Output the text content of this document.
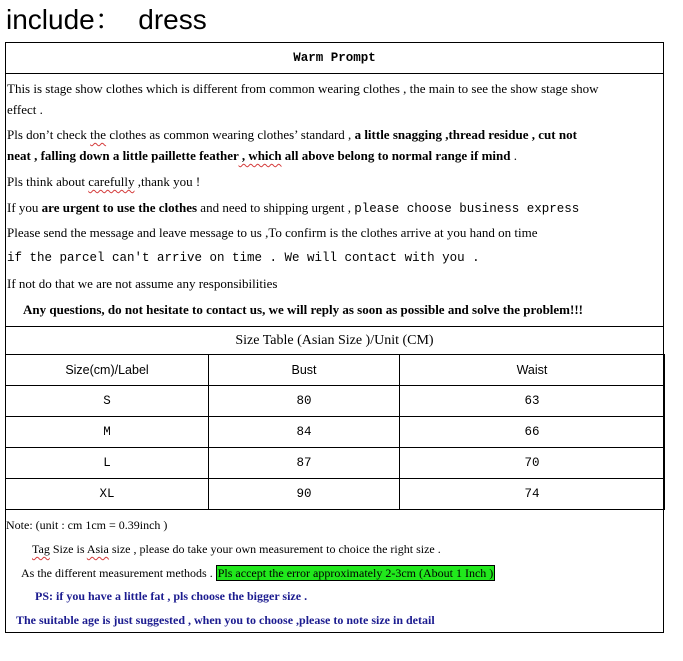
include：  dress
Warm Prompt
This is stage show clothes which is different from common wearing clothes , the main to see the show stage show
effect .
Pls don’t check the clothes as common wearing clothes’ standard , a little snagging ,thread residue , cut not
neat , falling down a little paillette feather , which all above belong to normal range if mind .
Pls think about carefully ,thank you !
If you are urgent to use the clothes and need to shipping urgent , please choose business express
Please send the message and leave message to us ,To confirm is the clothes arrive at you hand on time
if the parcel can't arrive on time . We will contact with you .
If not do that we are not assume any responsibilities
Any questions, do not hesitate to contact us, we will reply as soon as possible and solve the problem!!!
Size Table (Asian Size )/Unit (CM)
Size(cm)/Label	Bust	Waist
S	80	63
M	84	66
L	87	70
XL	90	74
Note: (unit : cm 1cm = 0.39inch )
Tag Size is Asia size , please do take your own measurement to choice the right size .
As the different measurement methods . Pls accept the error approximately 2-3cm (About 1 Inch )
PS: if you have a little fat , pls choose the bigger size .
The suitable age is just suggested , when you to choose ,please to note size in detail
